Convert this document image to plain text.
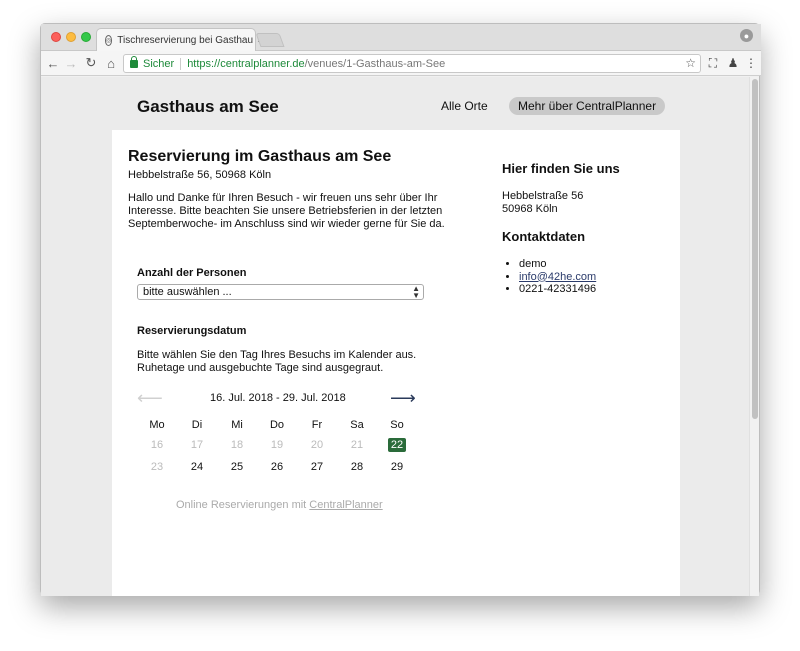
◎ Tischreservierung bei Gasthau	●
← → ↻ ⌂	Sicher https:// centralplanner.de /venues/1-Gasthaus-am-See	☆	⛶ ♟ ⋮
Gasthaus am See	Alle Orte	Mehr über CentralPlanner
Reservierung im Gasthaus am See
Hebbelstraße 56, 50968 Köln
Hallo und Danke für Ihren Besuch - wir freuen uns sehr über Ihr Interesse. Bitte beachten Sie unsere Betriebsferien in der letzten Septemberwoche- im Anschluss sind wir wieder gerne für Sie da.
Anzahl der Personen
bitte auswählen ...	▲
▼
Reservierungsdatum
Bitte wählen Sie den Tag Ihres Besuchs im Kalender aus. Ruhetage und ausgebuchte Tage sind ausgegraut.
⟵	16. Jul. 2018 - 29. Jul. 2018 ⟶
Mo	Di	Mi	Do	Fr	Sa	So
16	17	18	19	20	21	22
23	24	25	26	27	28	29
Online Reservierungen mit CentralPlanner
Hier finden Sie uns
Hebbelstraße 56
50968 Köln
Kontaktdaten
• demo
• info@42he.com
• 0221-42331496
